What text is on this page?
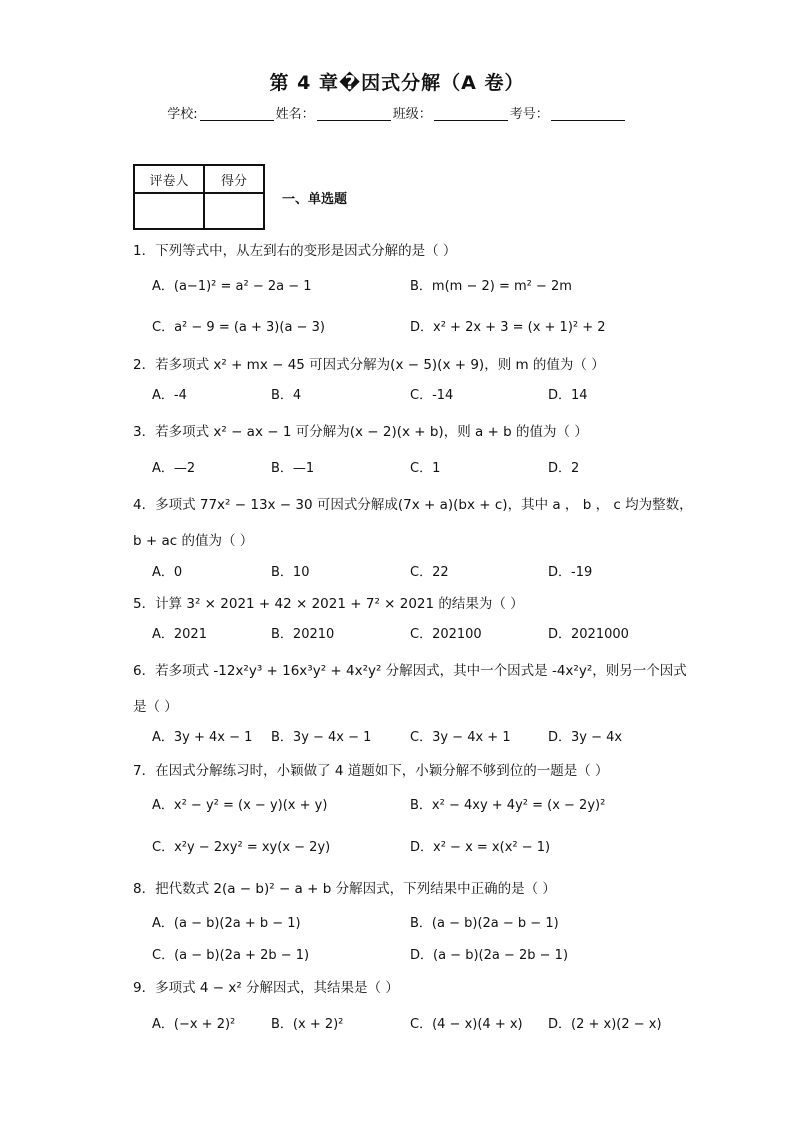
第 4 章�因式分解（A 卷）
学校:	姓名：	班级：	考号：
评卷人	得分

一、单选题
1．下列等式中，从左到右的变形是因式分解的是（ ）
A．(a−1)² = a² − 2a − 1	B．m(m − 2) = m² − 2m
C．a² − 9 = (a + 3)(a − 3)	D．x² + 2x + 3 = (x + 1)² + 2
2．若多项式 x² + mx − 45 可因式分解为(x − 5)(x + 9)，则 m 的值为（ ）
A．-4	B．4	C．-14	D．14
3．若多项式 x² − ax − 1 可分解为(x − 2)(x + b)，则 a + b 的值为（ ）
A．—2	B．—1	C．1	D．2
4．多项式 77x² − 13x − 30 可因式分解成(7x + a)(bx + c)，其中 a ， b ， c 均为整数，
b + ac 的值为（ ）
A．0	B．10	C．22	D．-19
5．计算 3² × 2021 + 42 × 2021 + 7² × 2021 的结果为（ ）
A．2021	B．20210	C．202100	D．2021000
6．若多项式 -12x²y³ + 16x³y² + 4x²y² 分解因式，其中一个因式是 -4x²y²，则另一个因式
是（ ）
A．3y + 4x − 1 B．3y − 4x − 1	C．3y − 4x + 1	D．3y − 4x
7．在因式分解练习时，小颖做了 4 道题如下，小颖分解不够到位的一题是（ ）
A．x² − y² = (x − y)(x + y)	B．x² − 4xy + 4y² = (x − 2y)²
C．x²y − 2xy² = xy(x − 2y)	D．x² − x = x(x² − 1)
8．把代数式 2(a − b)² − a + b 分解因式，下列结果中正确的是（ ）
A．(a − b)(2a + b − 1)	B．(a − b)(2a − b − 1)
C．(a − b)(2a + 2b − 1)	D．(a − b)(2a − 2b − 1)
9．多项式 4 − x² 分解因式，其结果是（ ）
A．(−x + 2)²	B．(x + 2)²	C．(4 − x)(4 + x) D．(2 + x)(2 − x)
